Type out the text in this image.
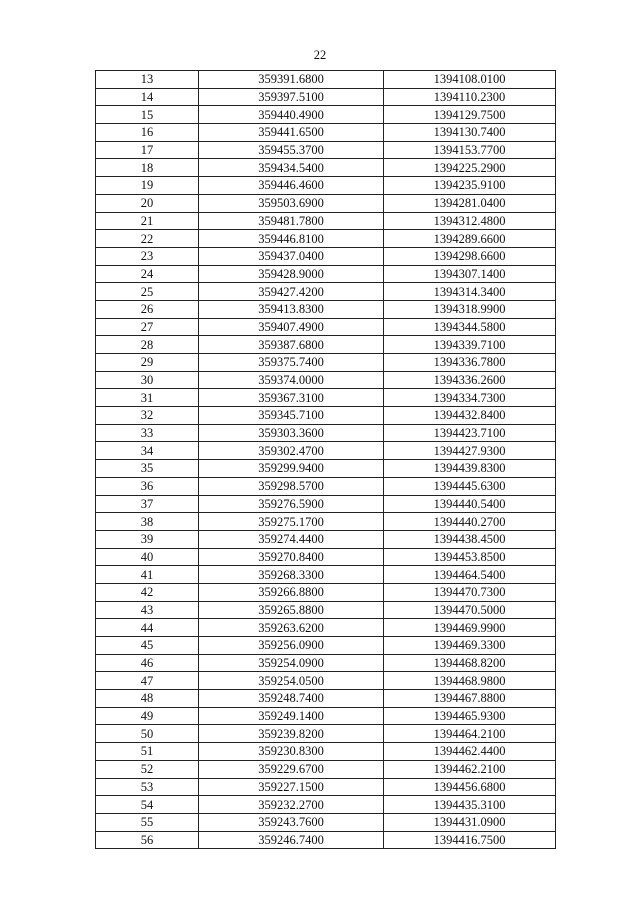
22
13	359391.6800	1394108.0100
14	359397.5100	1394110.2300
15	359440.4900	1394129.7500
16	359441.6500	1394130.7400
17	359455.3700	1394153.7700
18	359434.5400	1394225.2900
19	359446.4600	1394235.9100
20	359503.6900	1394281.0400
21	359481.7800	1394312.4800
22	359446.8100	1394289.6600
23	359437.0400	1394298.6600
24	359428.9000	1394307.1400
25	359427.4200	1394314.3400
26	359413.8300	1394318.9900
27	359407.4900	1394344.5800
28	359387.6800	1394339.7100
29	359375.7400	1394336.7800
30	359374.0000	1394336.2600
31	359367.3100	1394334.7300
32	359345.7100	1394432.8400
33	359303.3600	1394423.7100
34	359302.4700	1394427.9300
35	359299.9400	1394439.8300
36	359298.5700	1394445.6300
37	359276.5900	1394440.5400
38	359275.1700	1394440.2700
39	359274.4400	1394438.4500
40	359270.8400	1394453.8500
41	359268.3300	1394464.5400
42	359266.8800	1394470.7300
43	359265.8800	1394470.5000
44	359263.6200	1394469.9900
45	359256.0900	1394469.3300
46	359254.0900	1394468.8200
47	359254.0500	1394468.9800
48	359248.7400	1394467.8800
49	359249.1400	1394465.9300
50	359239.8200	1394464.2100
51	359230.8300	1394462.4400
52	359229.6700	1394462.2100
53	359227.1500	1394456.6800
54	359232.2700	1394435.3100
55	359243.7600	1394431.0900
56	359246.7400	1394416.7500
